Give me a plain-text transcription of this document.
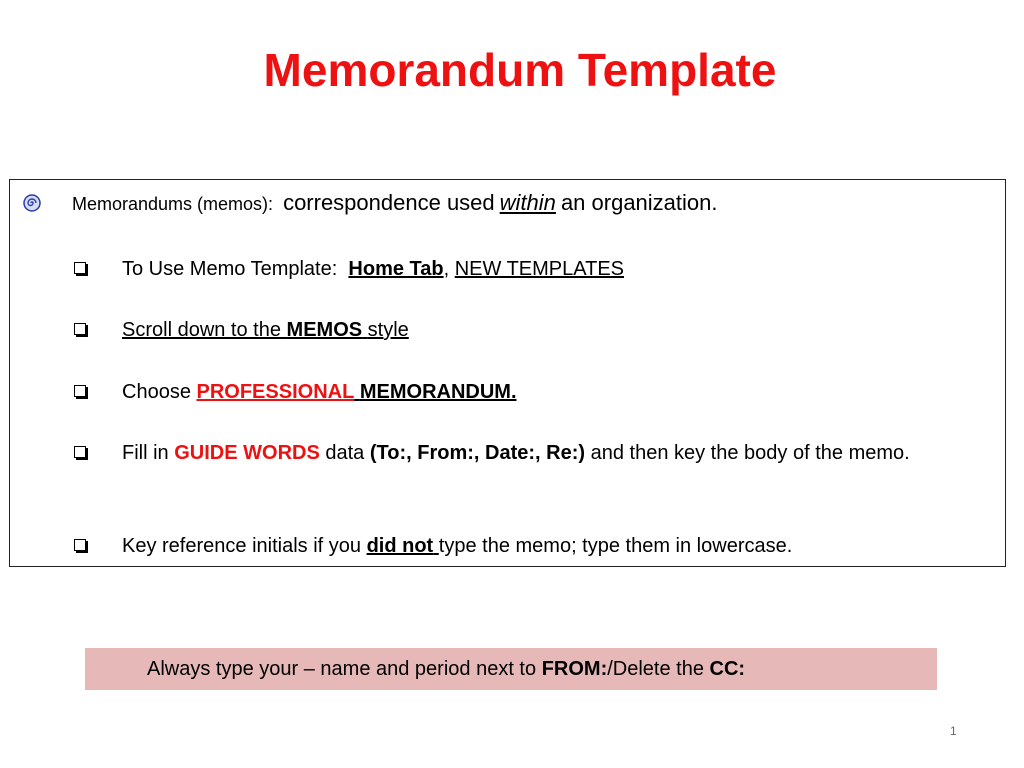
Memorandum Template
Memorandums (memos): correspondence used within an organization.
To Use Memo Template: Home Tab, NEW TEMPLATES
Scroll down to the MEMOS style
Choose PROFESSIONAL MEMORANDUM.
Fill in GUIDE WORDS data (To:, From:, Date:, Re:) and then key the body of the memo.
Key reference initials if you did not type the memo; type them in lowercase.
Always type your – name and period next to FROM:/Delete the CC:
1
